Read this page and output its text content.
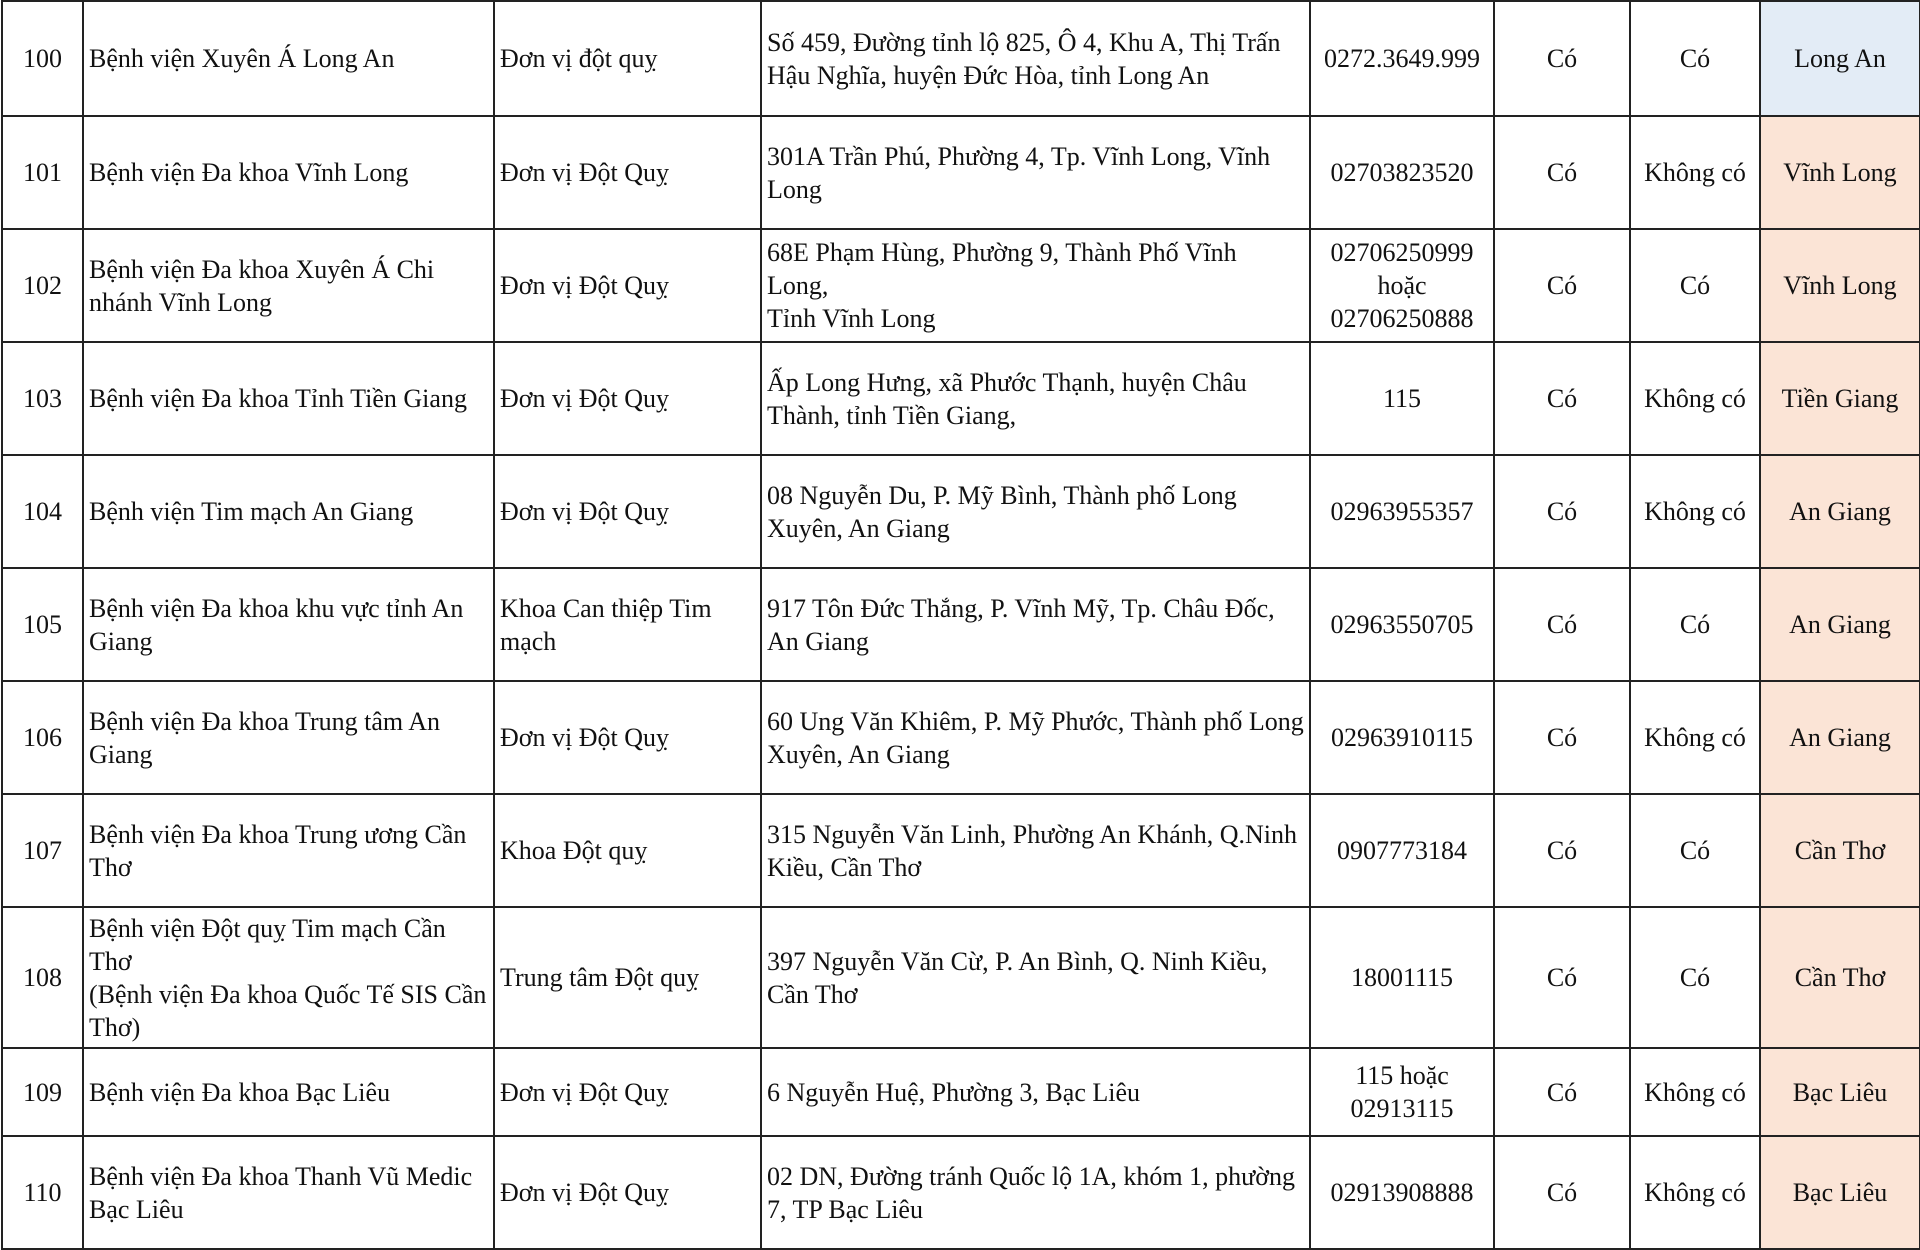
100	Bệnh viện Xuyên Á Long An	Đơn vị đột quỵ	Số 459, Đường tỉnh lộ 825, Ô 4, Khu A, Thị Trấn
Hậu Nghĩa, huyện Đức Hòa, tỉnh Long An	0272.3649.999	Có	Có	Long An
101	Bệnh viện Đa khoa Vĩnh Long	Đơn vị Đột Quỵ	301A Trần Phú, Phường 4, Tp. Vĩnh Long, Vĩnh
Long	02703823520	Có	Không có	Vĩnh Long
102	Bệnh viện Đa khoa Xuyên Á Chi
nhánh Vĩnh Long	Đơn vị Đột Quỵ	68E Phạm Hùng, Phường 9, Thành Phố Vĩnh Long,
Tỉnh Vĩnh Long	02706250999
hoặc
02706250888	Có	Có	Vĩnh Long
103	Bệnh viện Đa khoa Tỉnh Tiền Giang	Đơn vị Đột Quỵ	Ấp Long Hưng, xã Phước Thạnh, huyện Châu
Thành, tỉnh Tiền Giang,	115	Có	Không có	Tiền Giang
104	Bệnh viện Tim mạch An Giang	Đơn vị Đột Quỵ	08 Nguyễn Du, P. Mỹ Bình, Thành phố Long
Xuyên, An Giang	02963955357	Có	Không có	An Giang
105	Bệnh viện Đa khoa khu vực tỉnh An
Giang	Khoa Can thiệp Tim mạch	917 Tôn Đức Thắng, P. Vĩnh Mỹ, Tp. Châu Đốc,
An Giang	02963550705	Có	Có	An Giang
106	Bệnh viện Đa khoa Trung tâm An
Giang	Đơn vị Đột Quỵ	60 Ung Văn Khiêm, P. Mỹ Phước, Thành phố Long
Xuyên, An Giang	02963910115	Có	Không có	An Giang
107	Bệnh viện Đa khoa Trung ương Cần
Thơ	Khoa Đột quỵ	315 Nguyễn Văn Linh, Phường An Khánh, Q.Ninh
Kiều, Cần Thơ	0907773184	Có	Có	Cần Thơ
108	Bệnh viện Đột quỵ Tim mạch Cần
Thơ
(Bệnh viện Đa khoa Quốc Tế SIS Cần
Thơ)	Trung tâm Đột quỵ	397 Nguyễn Văn Cừ, P. An Bình, Q. Ninh Kiều,
Cần Thơ	18001115	Có	Có	Cần Thơ
109	Bệnh viện Đa khoa Bạc Liêu	Đơn vị Đột Quỵ	6 Nguyễn Huệ, Phường 3, Bạc Liêu	115 hoặc
02913115	Có	Không có	Bạc Liêu
110	Bệnh viện Đa khoa Thanh Vũ Medic
Bạc Liêu	Đơn vị Đột Quỵ	02 DN, Đường tránh Quốc lộ 1A, khóm 1, phường
7, TP Bạc Liêu	02913908888	Có	Không có	Bạc Liêu
